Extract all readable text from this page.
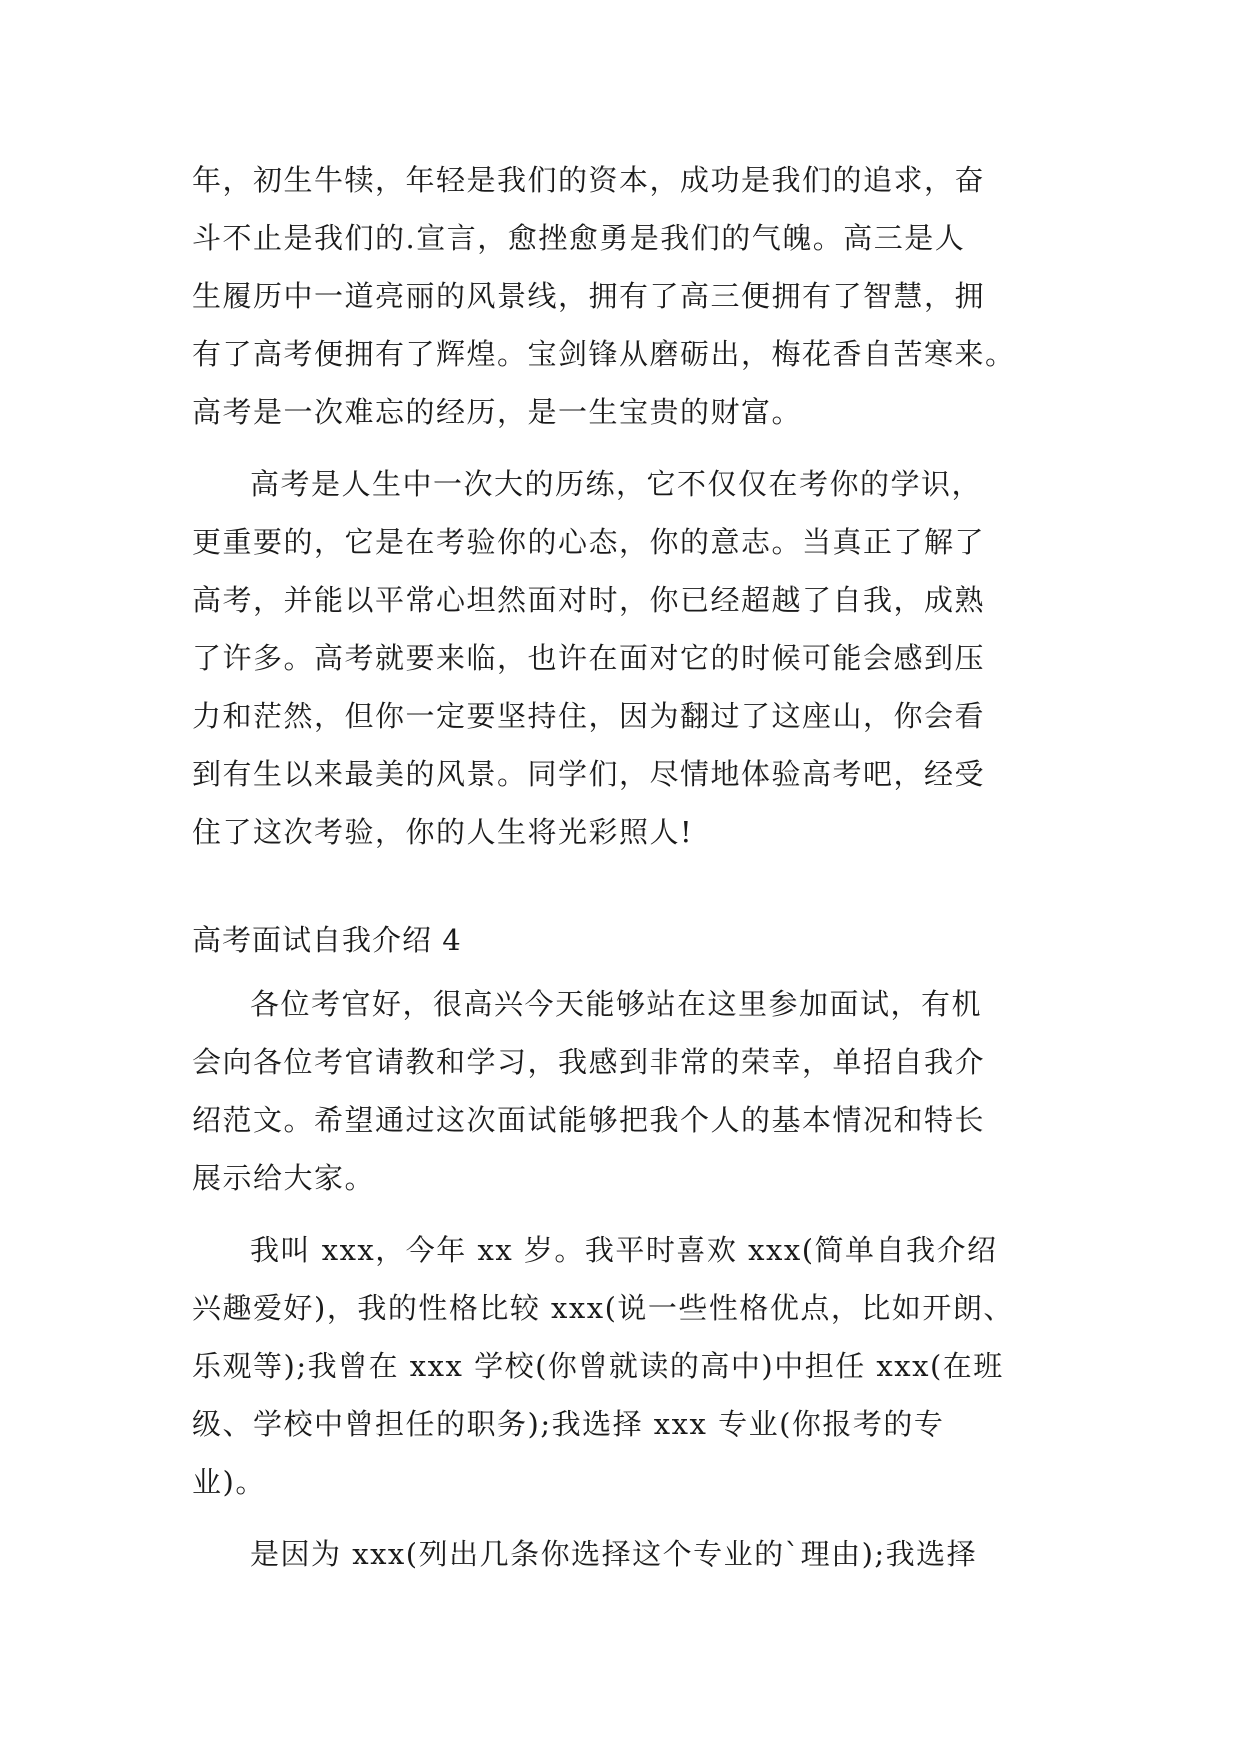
年，初生牛犊，年轻是我们的资本，成功是我们的追求，奋
斗不止是我们的.宣言，愈挫愈勇是我们的气魄。高三是人
生履历中一道亮丽的风景线，拥有了高三便拥有了智慧，拥
有了高考便拥有了辉煌。宝剑锋从磨砺出，梅花香自苦寒来。
高考是一次难忘的经历，是一生宝贵的财富。
高考是人生中一次大的历练，它不仅仅在考你的学识，
更重要的，它是在考验你的心态，你的意志。当真正了解了
高考，并能以平常心坦然面对时，你已经超越了自我，成熟
了许多。高考就要来临，也许在面对它的时候可能会感到压
力和茫然，但你一定要坚持住，因为翻过了这座山，你会看
到有生以来最美的风景。同学们，尽情地体验高考吧，经受
住了这次考验，你的人生将光彩照人!
高考面试自我介绍 4
各位考官好，很高兴今天能够站在这里参加面试，有机
会向各位考官请教和学习，我感到非常的荣幸，单招自我介
绍范文。希望通过这次面试能够把我个人的基本情况和特长
展示给大家。
我叫 xxx，今年 xx 岁。我平时喜欢 xxx(简单自我介绍
兴趣爱好)，我的性格比较 xxx(说一些性格优点，比如开朗、
乐观等);我曾在 xxx 学校(你曾就读的高中)中担任 xxx(在班
级、学校中曾担任的职务);我选择 xxx 专业(你报考的专
业)。
是因为 xxx(列出几条你选择这个专业的`理由);我选择
